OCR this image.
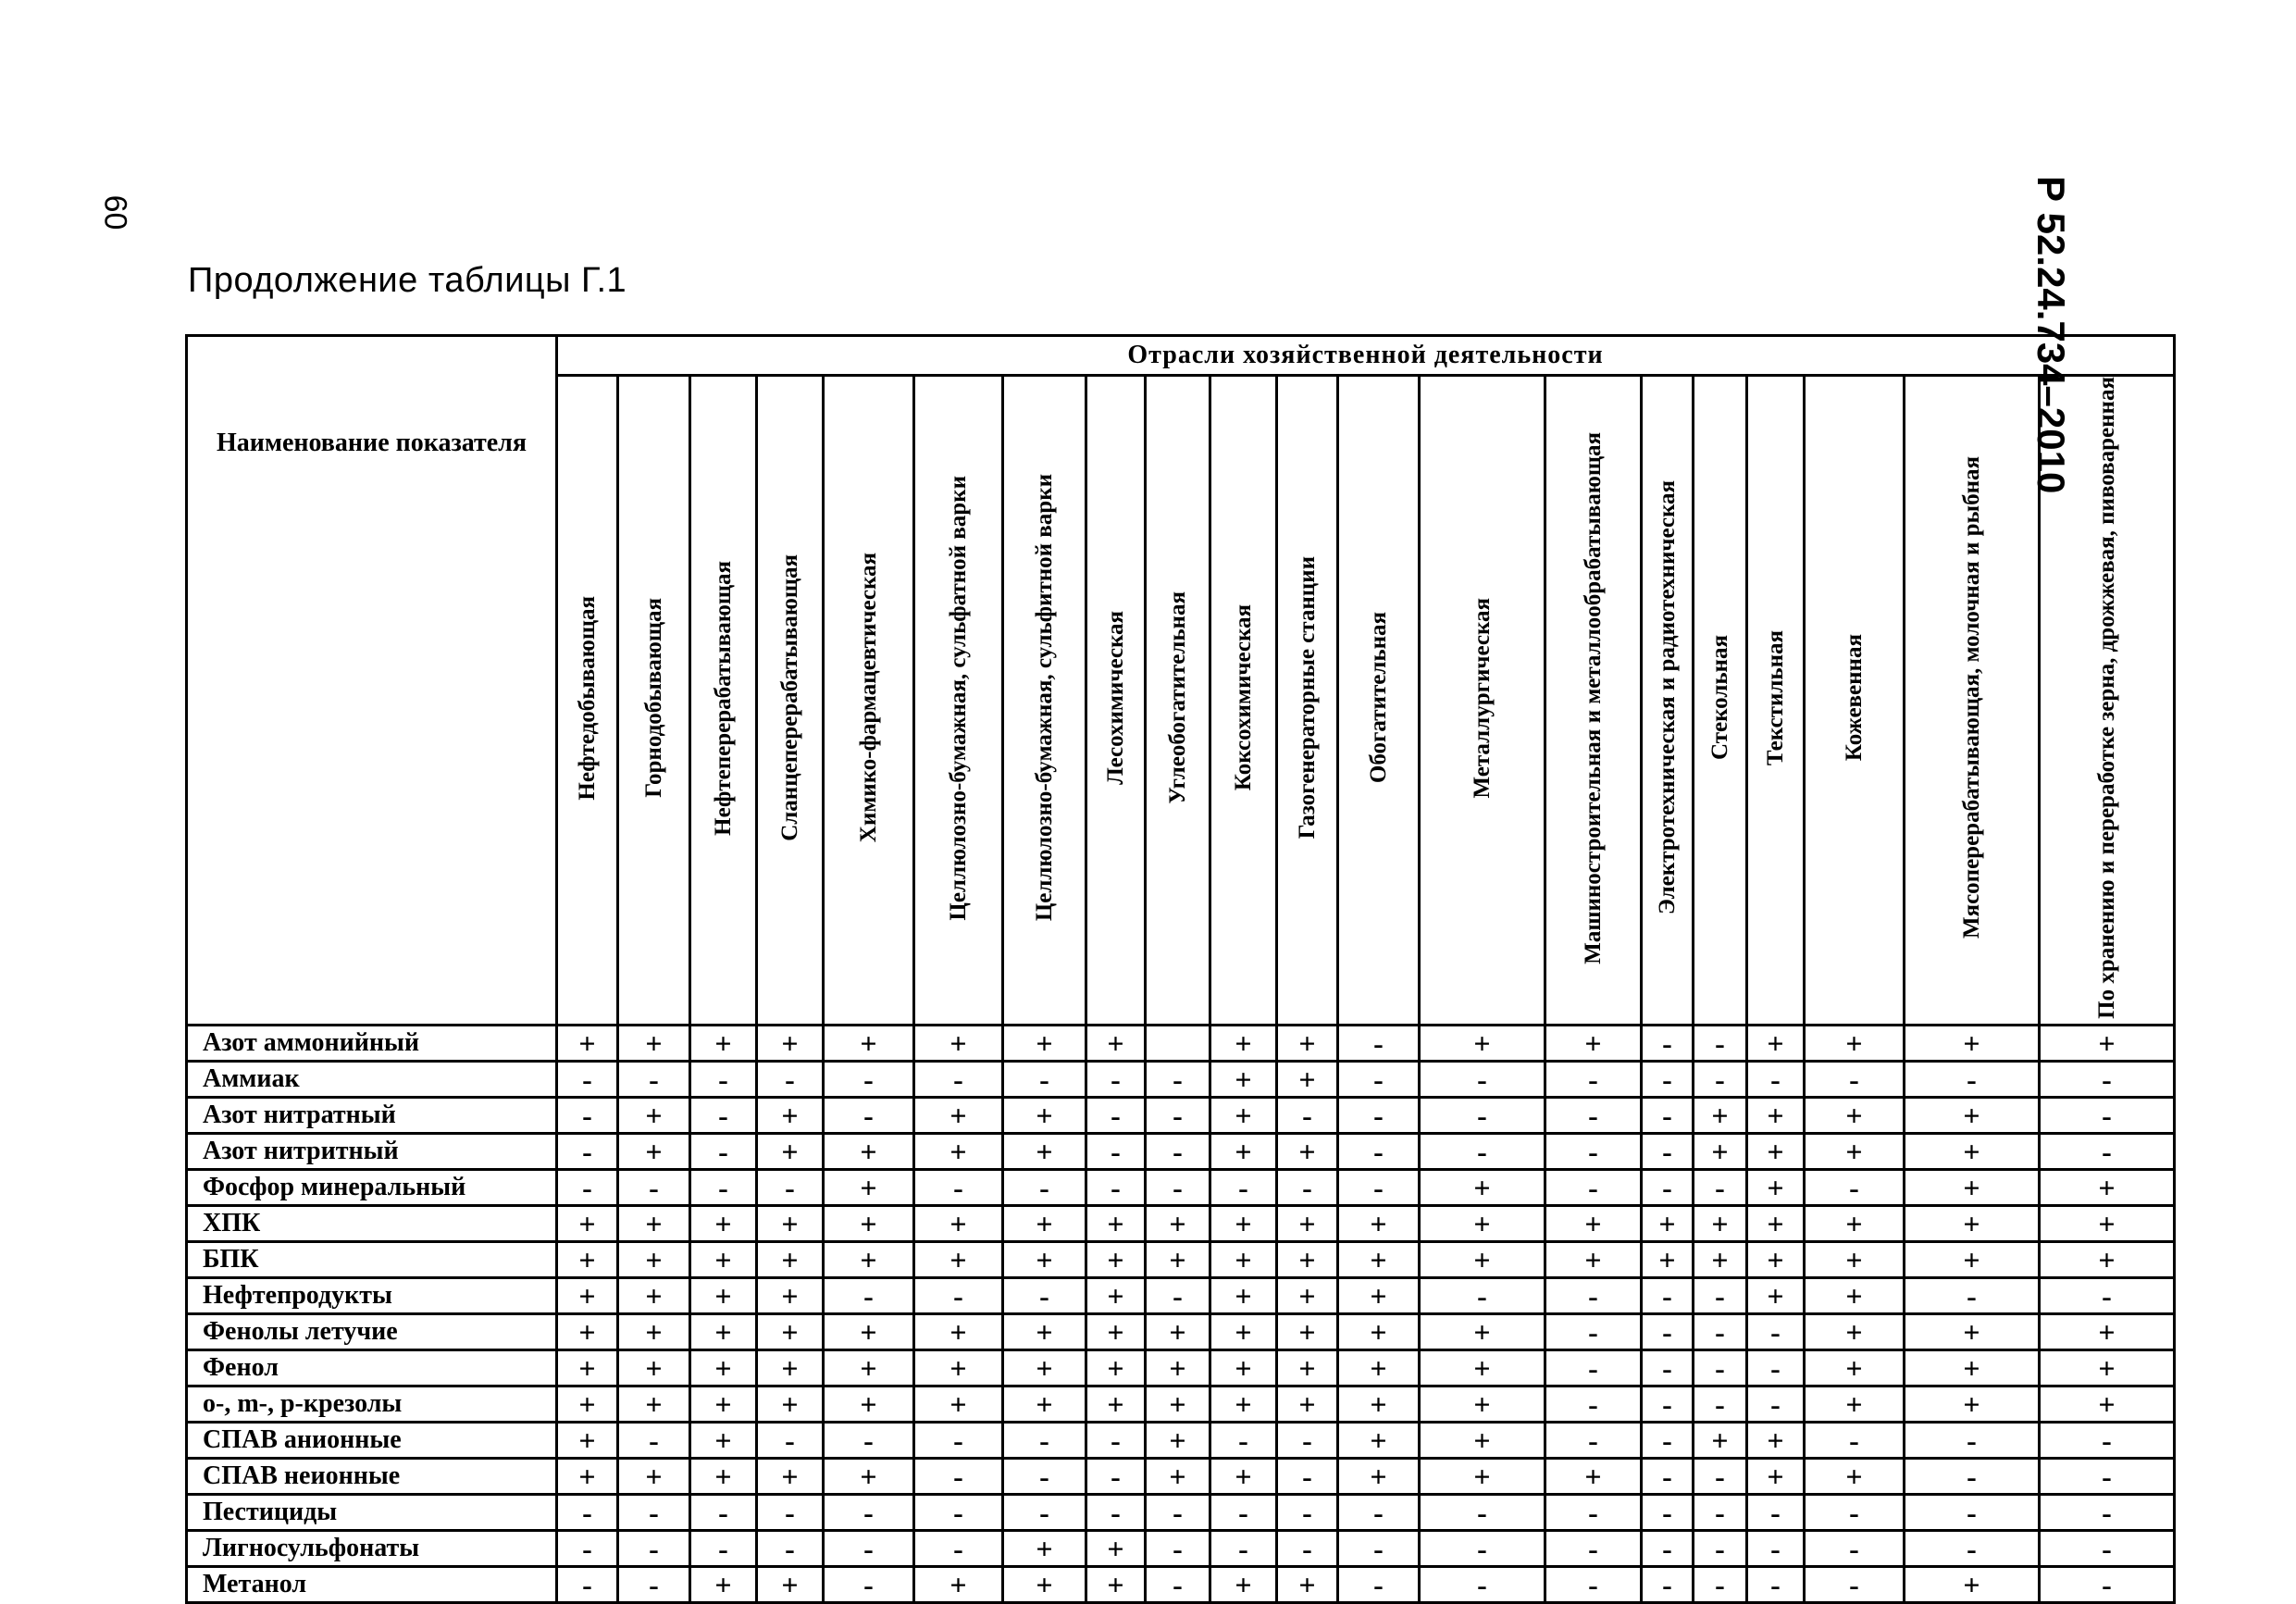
60	Р 52.24.734–2010
Продолжение таблицы Г.1
Наименование показателя	Отрасли хозяйственной деятельности																			
	Нефтедобывающая	Горнодобывающая	Нефтеперерабатывающая	Сланцеперерабатывающая	Химико-фармацевтическая	Целлюлозно-бумажная, сульфатной варки	Целлюлозно-бумажная, сульфитной варки	Лесохимическая	Углеобогатительная	Коксохимическая	Газогенераторные станции	Обогатительная	Металлургическая	Машиностроительная и металлообрабатывающая	Электротехническая и радиотехническая	Стекольная	Текстильная	Кожевенная	Мясоперерабатывающая, молочная и рыбная	По хранению и переработке зерна, дрожжевая, пивоваренная
Азот аммонийный	+	+	+	+	+	+	+	+		+	+	-	+	+	-	-	+	+	+	+
Аммиак	-	-	-	-	-	-	-	-	-	+	+	-	-	-	-	-	-	-	-	-
Азот нитратный	-	+	-	+	-	+	+	-	-	+	-	-	-	-	-	+	+	+	+	-
Азот нитритный	-	+	-	+	+	+	+	-	-	+	+	-	-	-	-	+	+	+	+	-
Фосфор минеральный	-	-	-	-	+	-	-	-	-	-	-	-	+	-	-	-	+	-	+	+
ХПК	+	+	+	+	+	+	+	+	+	+	+	+	+	+	+	+	+	+	+	+
БПК	+	+	+	+	+	+	+	+	+	+	+	+	+	+	+	+	+	+	+	+
Нефтепродукты	+	+	+	+	-	-	-	+	-	+	+	+	-	-	-	-	+	+	-	-
Фенолы летучие	+	+	+	+	+	+	+	+	+	+	+	+	+	-	-	-	-	+	+	+
Фенол	+	+	+	+	+	+	+	+	+	+	+	+	+	-	-	-	-	+	+	+
о-, m-, р-крезолы	+	+	+	+	+	+	+	+	+	+	+	+	+	-	-	-	-	+	+	+
СПАВ анионные	+	-	+	-	-	-	-	-	+	-	-	+	+	-	-	+	+	-	-	-
СПАВ неионные	+	+	+	+	+	-	-	-	+	+	-	+	+	+	-	-	+	+	-	-
Пестициды	-	-	-	-	-	-	-	-	-	-	-	-	-	-	-	-	-	-	-	-
Лигносульфонаты	-	-	-	-	-	-	+	+	-	-	-	-	-	-	-	-	-	-	-	-
Метанол	-	-	+	+	-	+	+	+	-	+	+	-	-	-	-	-	-	-	+	-
